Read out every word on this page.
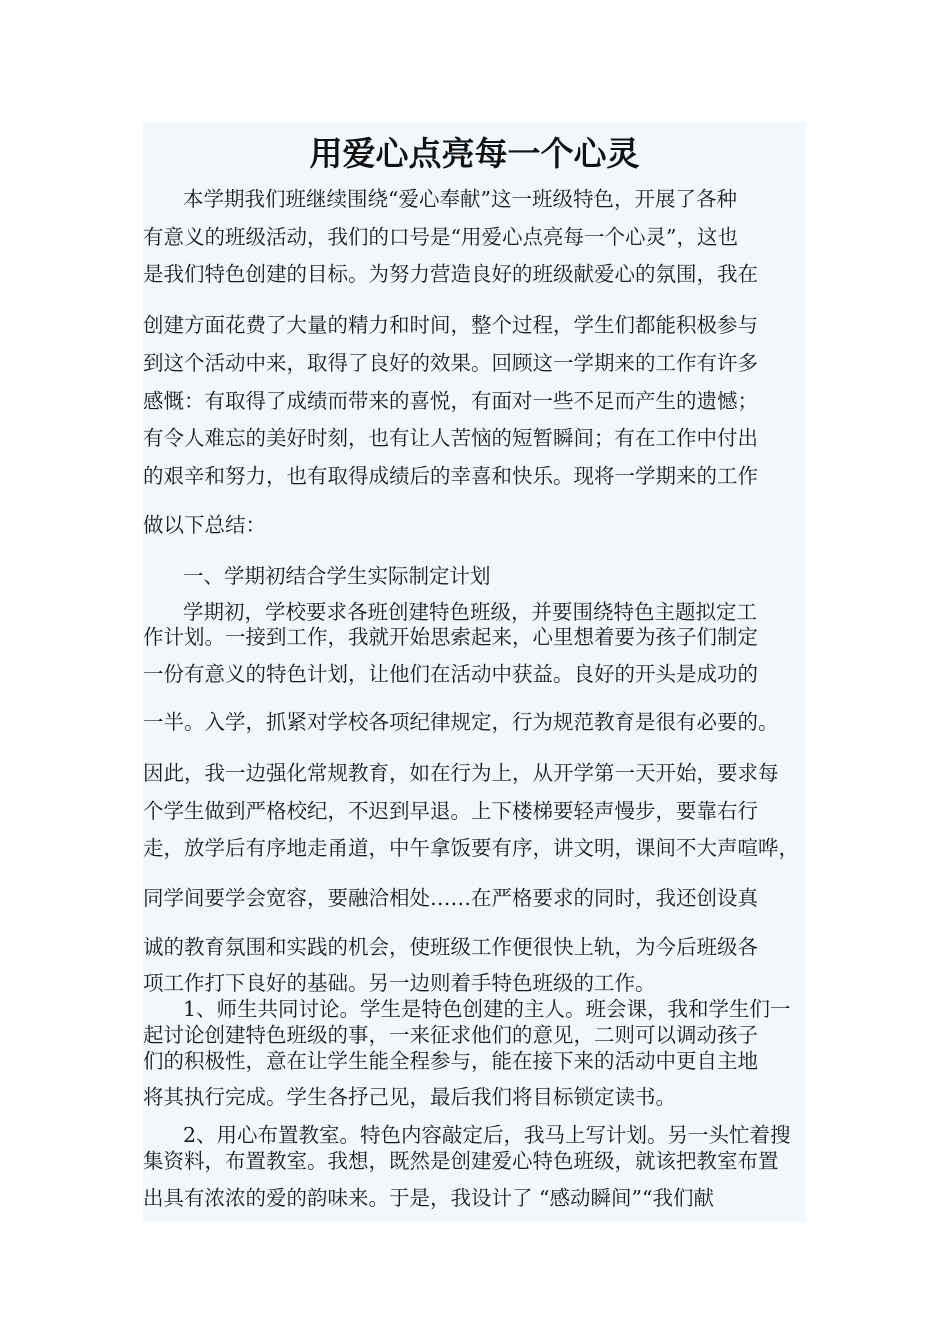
用爱心点亮每一个心灵

本学期我们班继续围绕“爱心奉献”这一班级特色，开展了各种

有意义的班级活动，我们的口号是“用爱心点亮每一个心灵”，这也

是我们特色创建的目标。为努力营造良好的班级献爱心的氛围，我在

创建方面花费了大量的精力和时间，整个过程，学生们都能积极参与

到这个活动中来，取得了良好的效果。回顾这一学期来的工作有许多

感慨：有取得了成绩而带来的喜悦，有面对一些不足而产生的遗憾；

有令人难忘的美好时刻，也有让人苦恼的短暂瞬间；有在工作中付出

的艰辛和努力，也有取得成绩后的幸喜和快乐。现将一学期来的工作

做以下总结：

一、学期初结合学生实际制定计划

学期初，学校要求各班创建特色班级，并要围绕特色主题拟定工

作计划。一接到工作，我就开始思索起来，心里想着要为孩子们制定

一份有意义的特色计划，让他们在活动中获益。良好的开头是成功的

一半。入学，抓紧对学校各项纪律规定，行为规范教育是很有必要的。

因此，我一边强化常规教育，如在行为上，从开学第一天开始，要求每

个学生做到严格校纪，不迟到早退。上下楼梯要轻声慢步，要靠右行

走，放学后有序地走甬道，中午拿饭要有序，讲文明，课间不大声喧哗，

同学间要学会宽容，要融洽相处……在严格要求的同时，我还创设真

诚的教育氛围和实践的机会，使班级工作便很快上轨，为今后班级各

项工作打下良好的基础。另一边则着手特色班级的工作。

1、师生共同讨论。学生是特色创建的主人。班会课，我和学生们一

起讨论创建特色班级的事，一来征求他们的意见，二则可以调动孩子

们的积极性，意在让学生能全程参与，能在接下来的活动中更自主地

将其执行完成。学生各抒己见，最后我们将目标锁定读书。

2、用心布置教室。特色内容敲定后，我马上写计划。另一头忙着搜

集资料，布置教室。我想，既然是创建爱心特色班级，就该把教室布置

出具有浓浓的爱的韵味来。于是，我设计了 “感动瞬间”“我们献
